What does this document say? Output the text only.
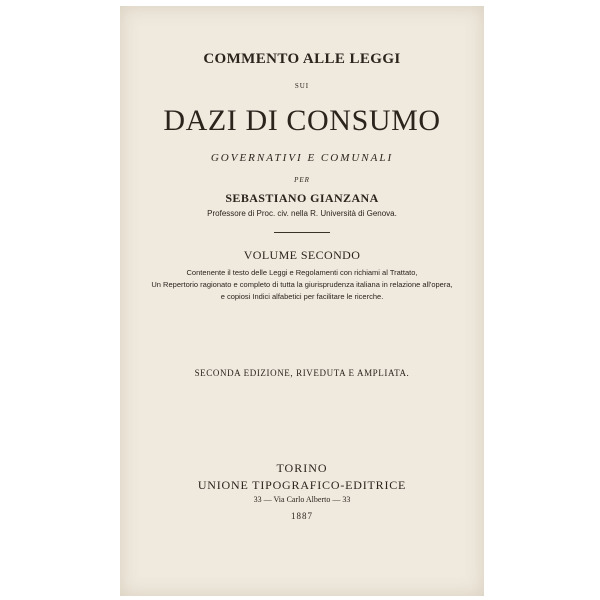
COMMENTO ALLE LEGGI
SUI
DAZI DI CONSUMO
GOVERNATIVI E COMUNALI
PER
SEBASTIANO GIANZANA
Professore di Proc. civ. nella R. Università di Genova.
VOLUME SECONDO
Contenente il testo delle Leggi e Regolamenti con richiami al Trattato,
Un Repertorio ragionato e completo di tutta la giurisprudenza italiana in relazione all'opera,
e copiosi Indici alfabetici per facilitare le ricerche.
SECONDA EDIZIONE, RIVEDUTA E AMPLIATA.
TORINO
UNIONE TIPOGRAFICO-EDITRICE
33 — Via Carlo Alberto — 33
1887
